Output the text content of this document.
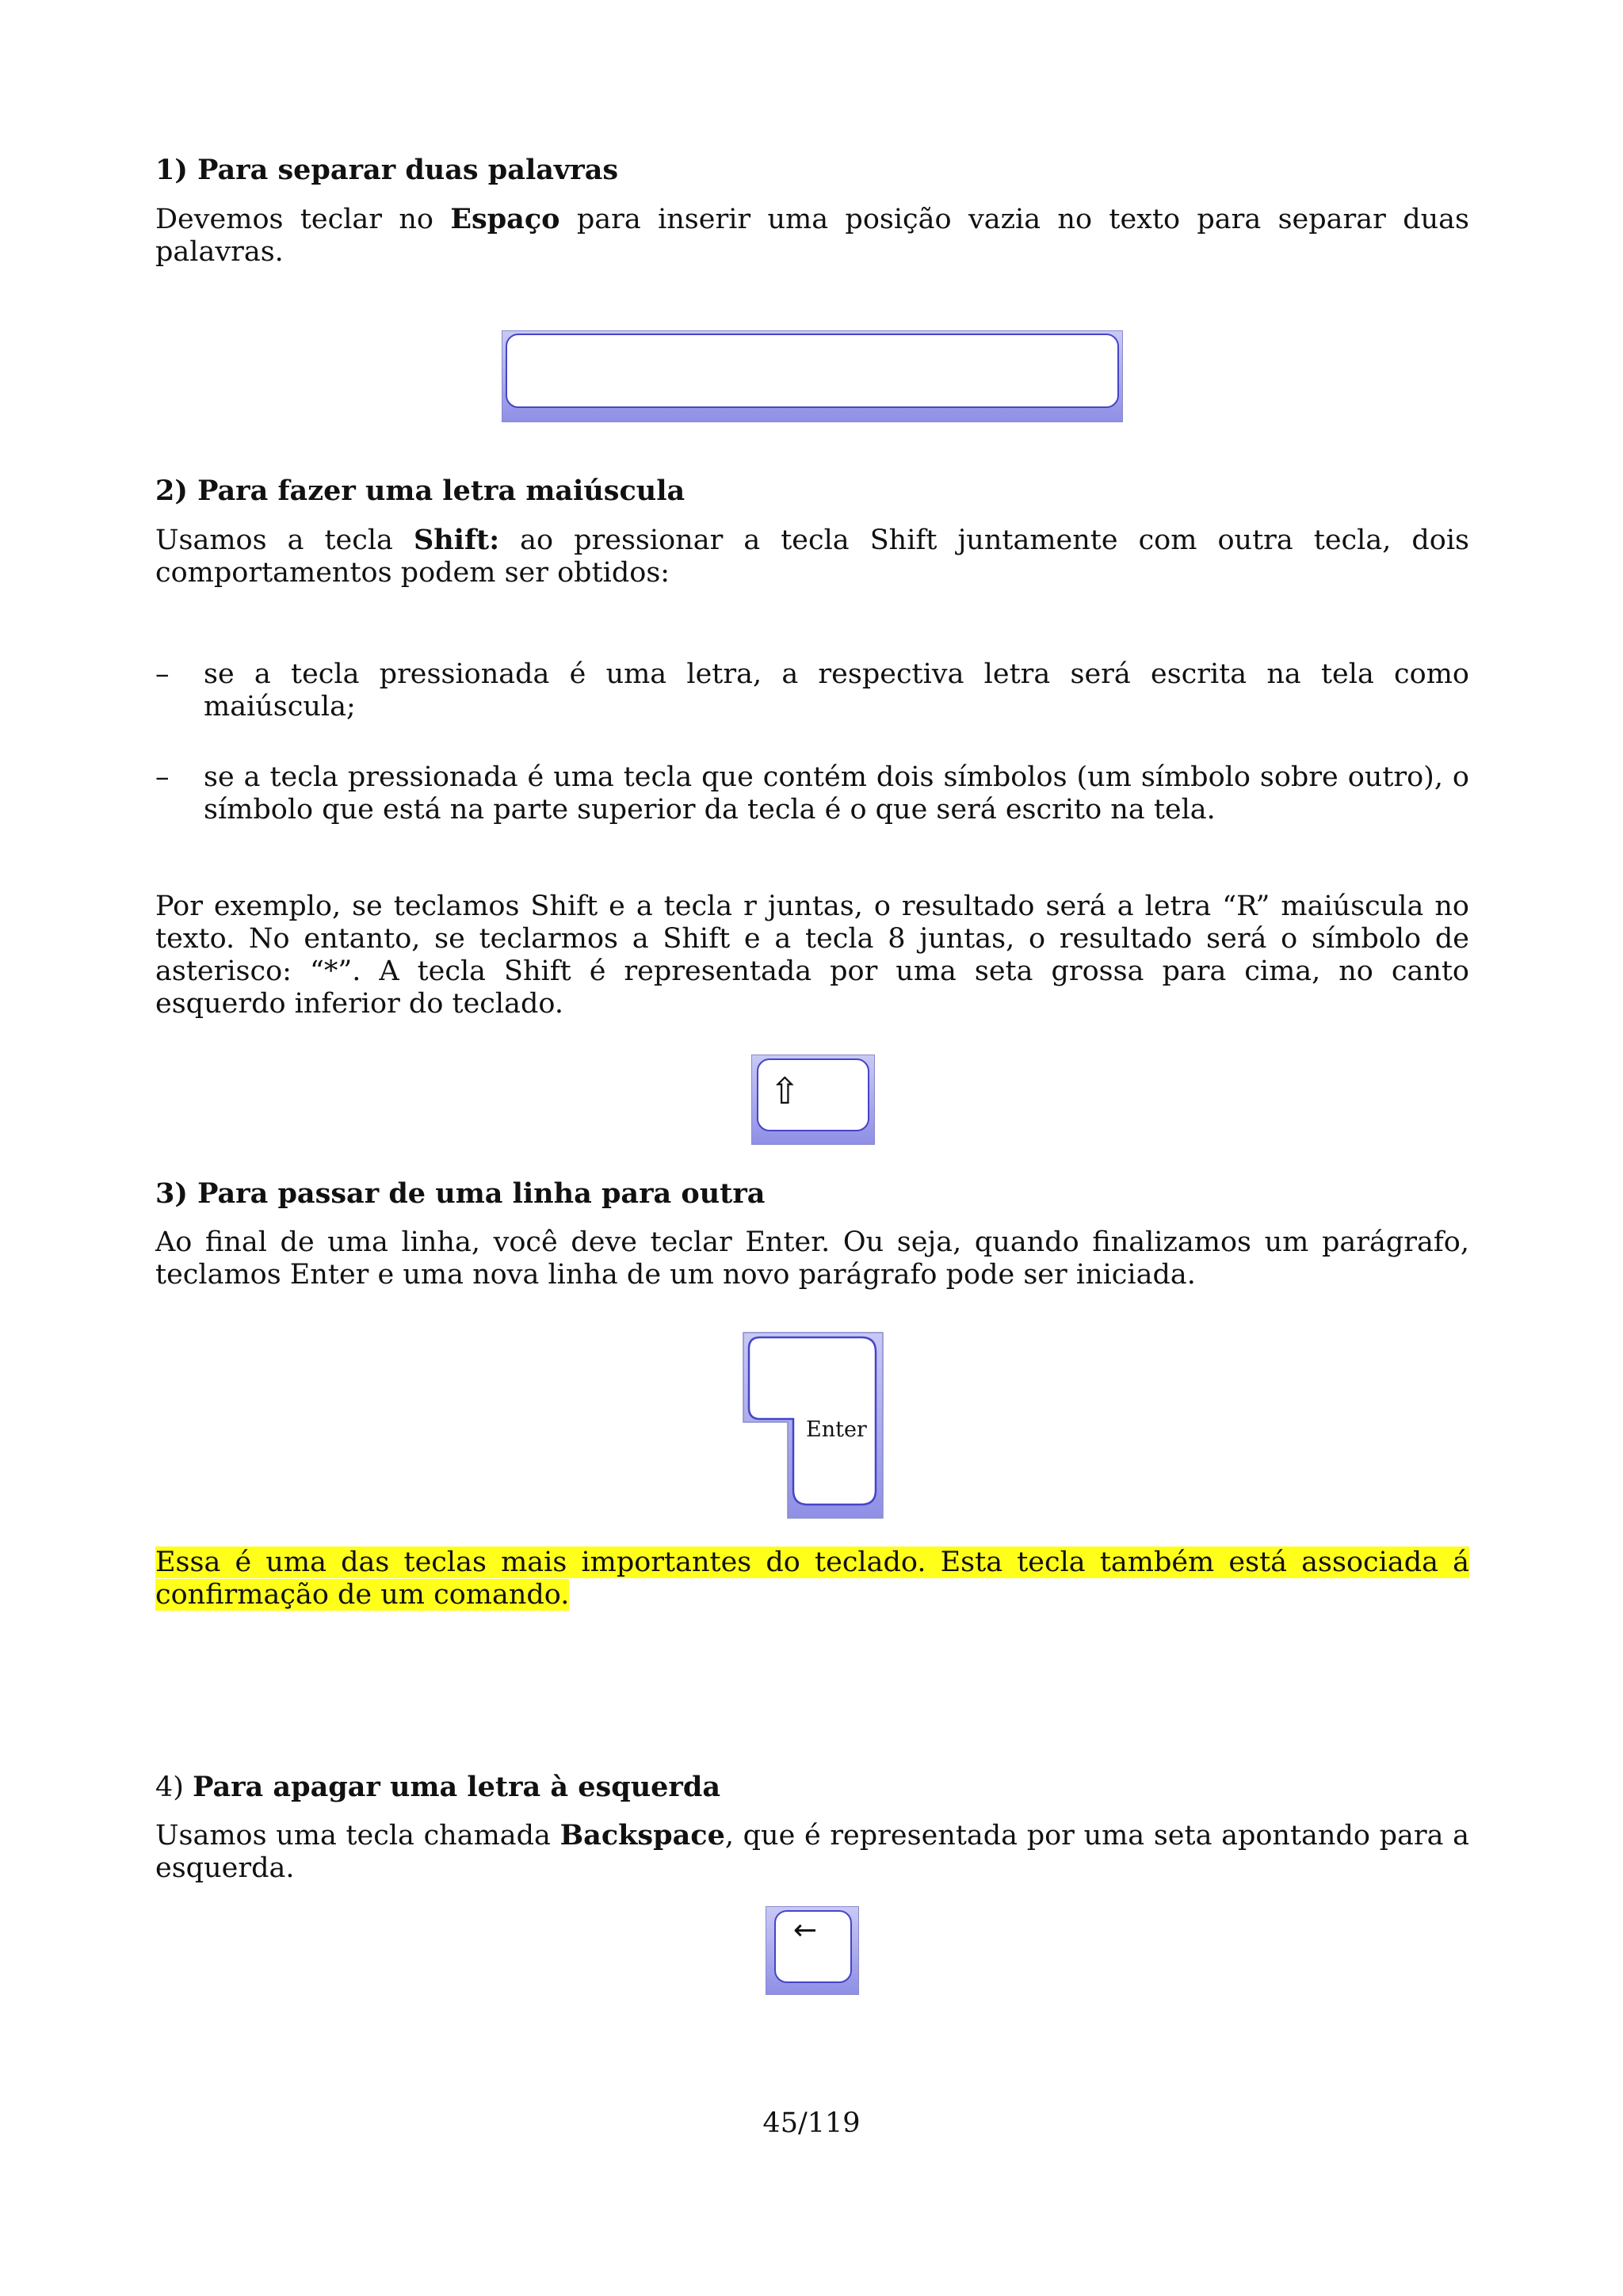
1) Para separar duas palavras

Devemos teclar no Espaço para inserir uma posição vazia no texto para separar duas palavras.

2) Para fazer uma letra maiúscula

Usamos a tecla Shift: ao pressionar a tecla Shift juntamente com outra tecla, dois comportamentos podem ser obtidos:

– se a tecla pressionada é uma letra, a respectiva letra será escrita na tela como maiúscula;

– se a tecla pressionada é uma tecla que contém dois símbolos (um símbolo sobre outro), o símbolo que está na parte superior da tecla é o que será escrito na tela.

Por exemplo, se teclamos Shift e a tecla r juntas, o resultado será a letra “R” maiúscula no texto. No entanto, se teclarmos a Shift e a tecla 8 juntas, o resultado será o símbolo de asterisco: “*”. A tecla Shift é representada por uma seta grossa para cima, no canto esquerdo inferior do teclado.

⇧
3) Para passar de uma linha para outra

Ao final de uma linha, você deve teclar Enter. Ou seja, quando finalizamos um parágrafo, teclamos Enter e uma nova linha de um novo parágrafo pode ser iniciada.

Enter

Essa é uma das teclas mais importantes do teclado. Esta tecla também está associada á confirmação de um comando.

4) Para apagar uma letra à esquerda

Usamos uma tecla chamada Backspace, que é representada por uma seta apontando para a esquerda.

←
45/119
